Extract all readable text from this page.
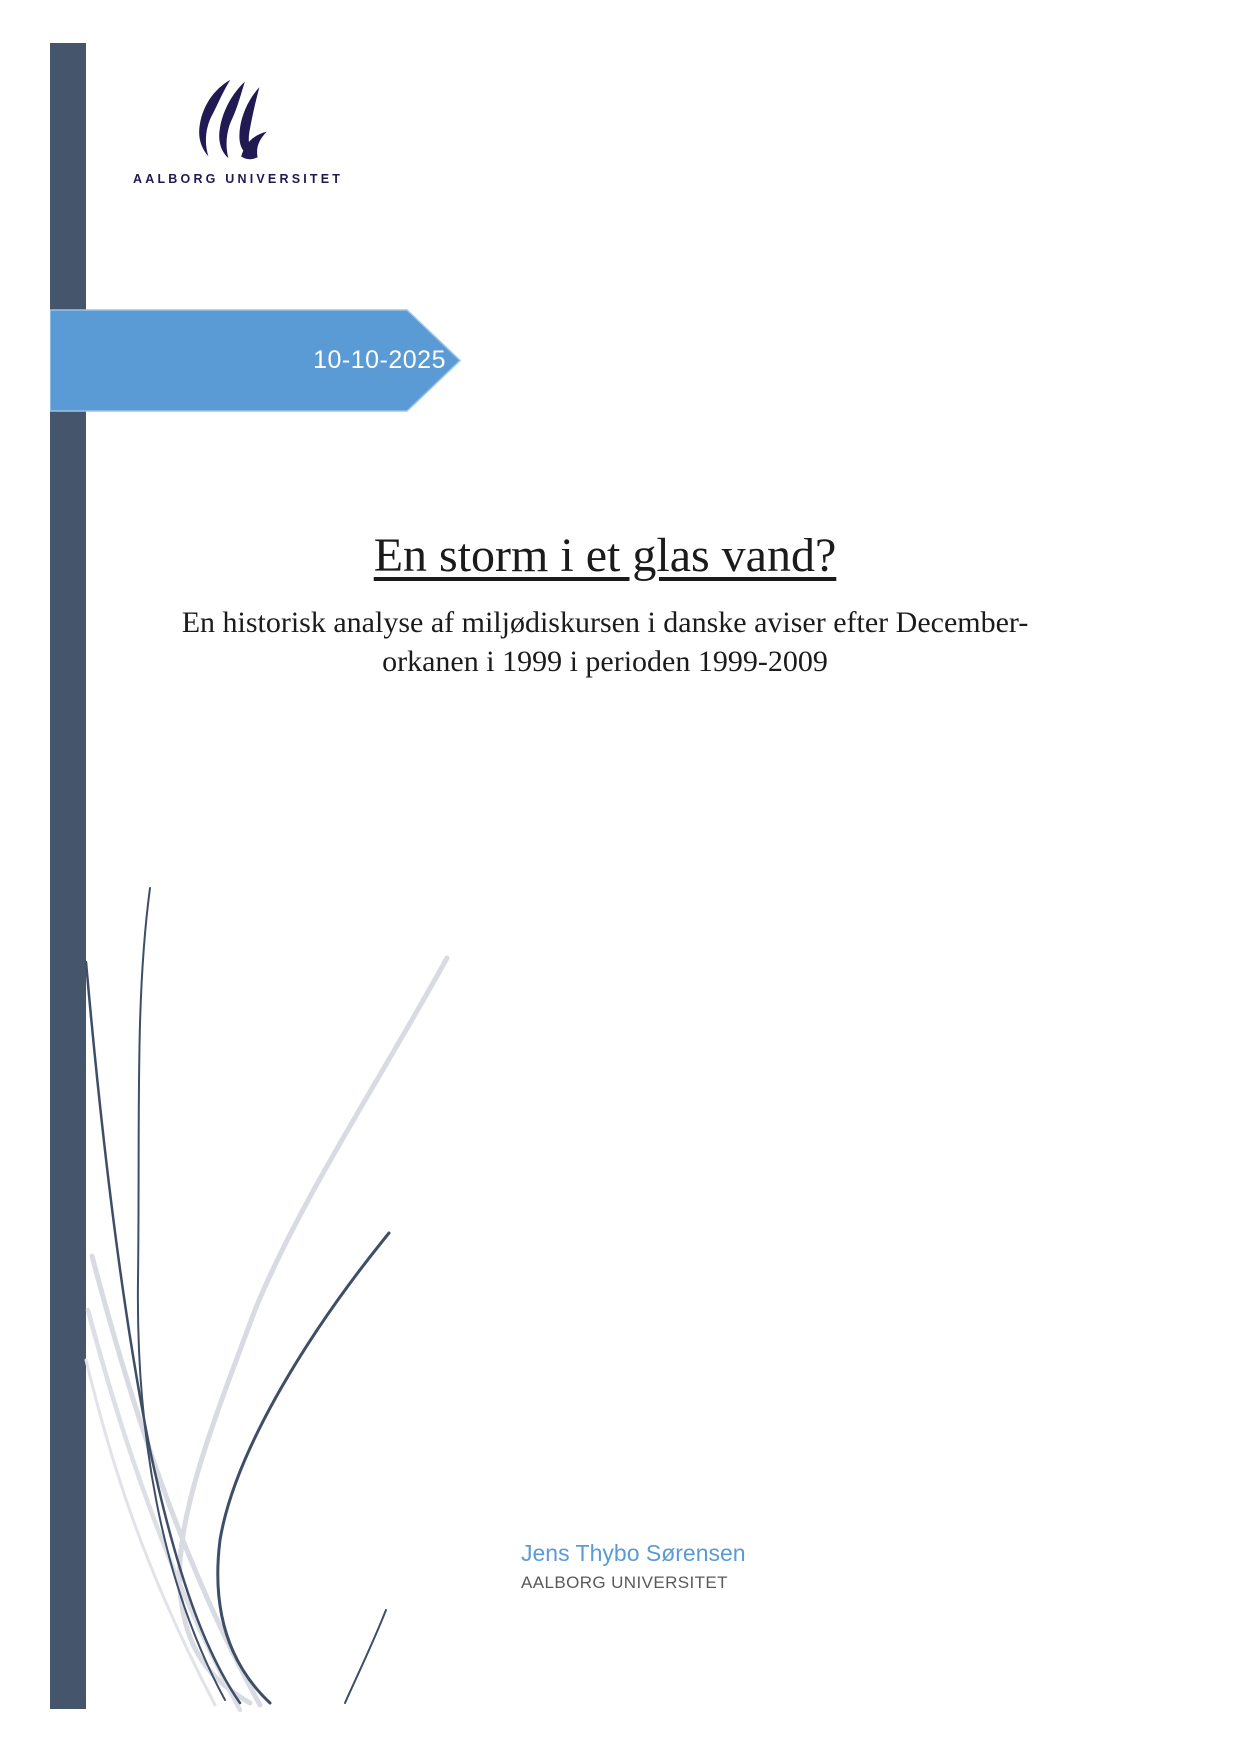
AALBORG UNIVERSITET
10-10-2025
En storm i et glas vand?

En historisk analyse af miljødiskursen i danske aviser efter December-
orkanen i 1999 i perioden 1999-2009

Jens Thybo Sørensen

AALBORG UNIVERSITET
